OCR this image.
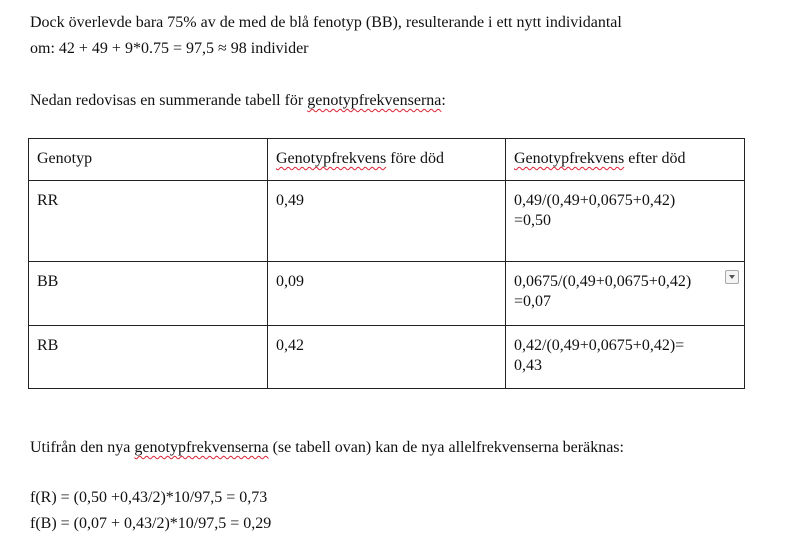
Dock överlevde bara 75% av de med de blå fenotyp (BB), resulterande i ett nytt individantal
om: 42 + 49 + 9*0.75 = 97,5 ≈ 98 individer
Nedan redovisas en summerande tabell för genotypfrekvenserna:
Genotyp	Genotypfrekvens före död	Genotypfrekvens efter död
RR	0,49	0,49/(0,49+0,0675+0,42)
=0,50

BB	0,09	0,0675/(0,49+0,0675+0,42)
=0,07

RB	0,42	0,42/(0,49+0,0675+0,42)=
0,43
Utifrån den nya genotypfrekvenserna (se tabell ovan) kan de nya allelfrekvenserna beräknas:
f(R) = (0,50 +0,43/2)*10/97,5 = 0,73
f(B) = (0,07 + 0,43/2)*10/97,5 = 0,29
